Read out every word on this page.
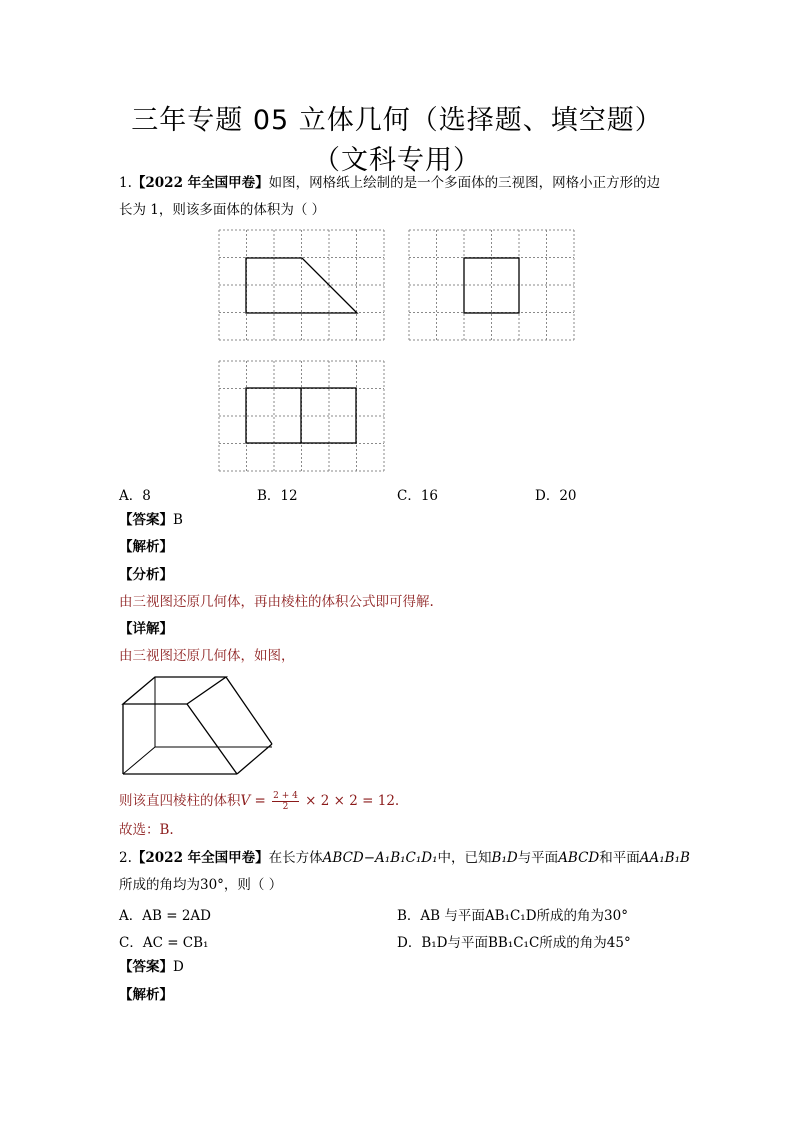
三年专题 05 立体几何（选择题、填空题）
（文科专用）
1.【2022 年全国甲卷】如图，网格纸上绘制的是一个多面体的三视图，网格小正方形的边
长为 1，则该多面体的体积为（ ）
A．8	B．12	C．16	D．20
【答案】B
【解析】
【分析】
由三视图还原几何体，再由棱柱的体积公式即可得解.
【详解】
由三视图还原几何体，如图，
则该直四棱柱的体积$V = \frac{2 + 4}{2} \times 2 \times 2 = 12$.
故选：B.
2.【2022 年全国甲卷】在长方体ABCD−A₁B₁C₁D₁中，已知B₁D与平面ABCD和平面AA₁B₁B
所成的角均为30°，则（ ）
A．AB = 2AD	B．AB 与平面AB₁C₁D所成的角为30°
C．AC = CB₁	D．B₁D与平面BB₁C₁C所成的角为45°
【答案】D
【解析】
